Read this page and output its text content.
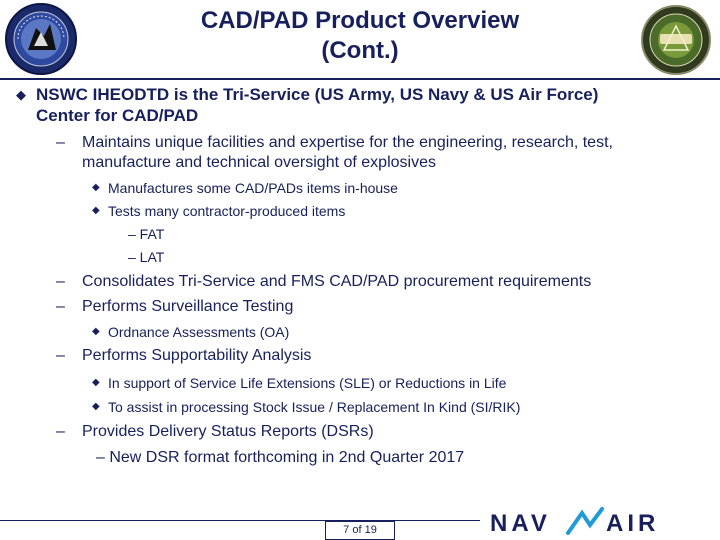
CAD/PAD Product Overview
(Cont.)
◆ NSWC IHEODTD is the Tri-Service (US Army, US Navy & US Air Force)
Center for CAD/PAD
– Maintains unique facilities and expertise for the engineering, research, test,
manufacture and technical oversight of explosives
◆ Manufactures some CAD/PADs items in-house
◆ Tests many contractor-produced items
– FAT
– LAT
– Consolidates Tri-Service and FMS CAD/PAD procurement requirements
– Performs Surveillance Testing
◆ Ordnance Assessments (OA)
– Performs Supportability Analysis
◆ In support of Service Life Extensions (SLE) or Reductions in Life
◆ To assist in processing Stock Issue / Replacement In Kind (SI/RIK)
– Provides Delivery Status Reports (DSRs)
– New DSR format forthcoming in 2nd Quarter 2017
7 of 19	NAV AIR
